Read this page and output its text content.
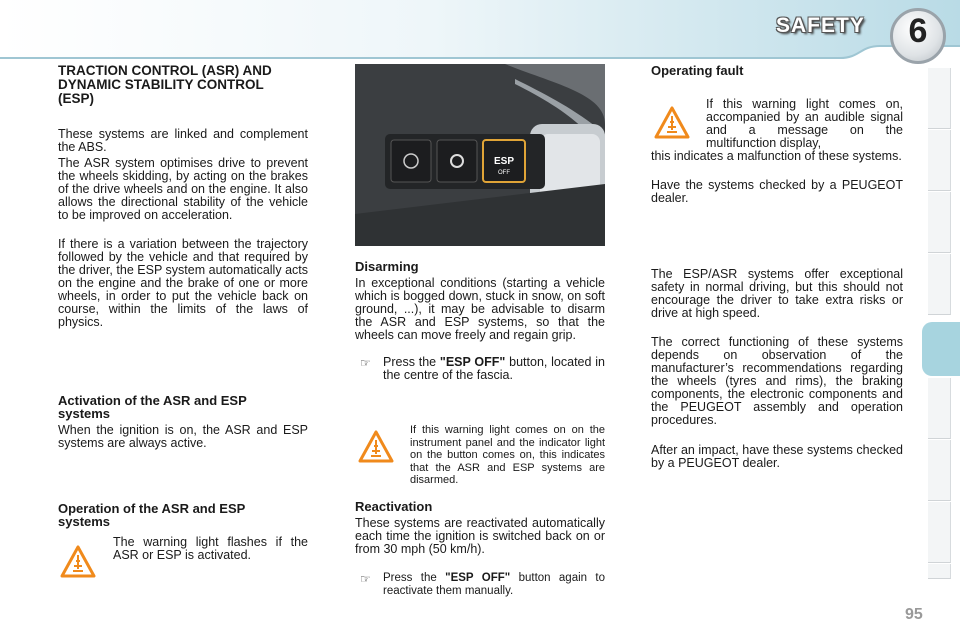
SAFETY	6
TRACTION CONTROL (ASR) AND DYNAMIC STABILITY CONTROL (ESP)
These systems are linked and complement the ABS.
The ASR system optimises drive to prevent the wheels skidding, by acting on the brakes of the drive wheels and on the engine. It also allows the directional stability of the vehicle to be improved on acceleration.
If there is a variation between the trajectory followed by the vehicle and that required by the driver, the ESP system automatically acts on the engine and the brake of one or more wheels, in order to put the vehicle back on course, within the limits of the laws of physics.
Activation of the ASR and ESP systems
When the ignition is on, the ASR and ESP systems are always active.
Operation of the ASR and ESP systems
The warning light flashes if the ASR or ESP is activated.
ESP
OFF
Disarming
In exceptional conditions (starting a vehicle which is bogged down, stuck in snow, on soft ground, ...), it may be advisable to disarm the ASR and ESP systems, so that the wheels can move freely and regain grip.
☞ Press the "ESP OFF" button, located in the centre of the fascia.
If this warning light comes on on the instrument panel and the indicator light on the button comes on, this indicates that the ASR and ESP systems are disarmed.
Reactivation
These systems are reactivated automatically each time the ignition is switched back on or from 30 mph (50 km/h).
☞ Press the "ESP OFF" button again to reactivate them manually.
Operating fault
If this warning light comes on, accompanied by an audible signal and a message on the multifunction display,
this indicates a malfunction of these systems.
Have the systems checked by a PEUGEOT dealer.
The ESP/ASR systems offer exceptional safety in normal driving, but this should not encourage the driver to take extra risks or drive at high speed.
The correct functioning of these systems depends on observation of the manufacturer’s recommendations regarding the wheels (tyres and rims), the braking components, the electronic components and the PEUGEOT assembly and operation procedures.
After an impact, have these systems checked by a PEUGEOT dealer.
95
